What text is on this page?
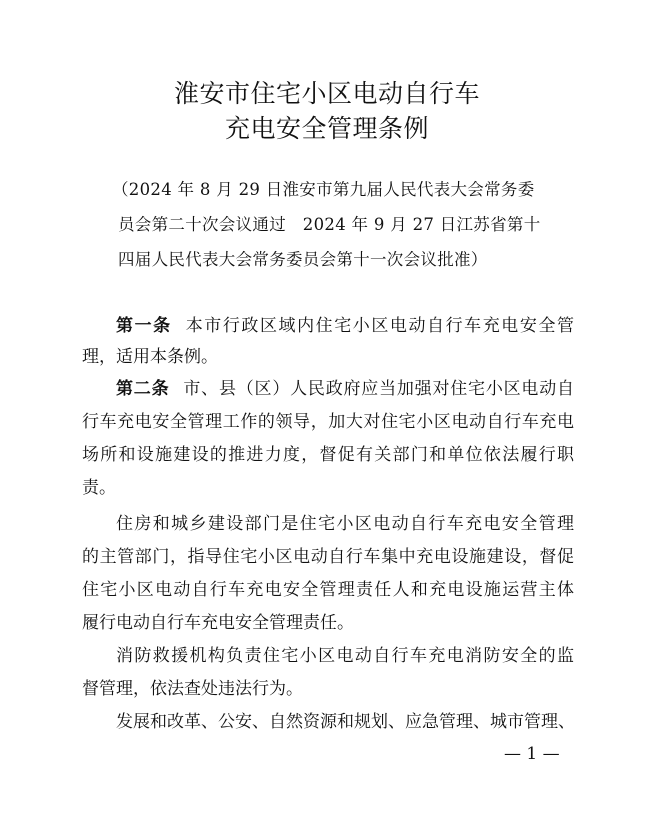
淮安市住宅小区电动自行车
充电安全管理条例
（2024 年 8 月 29 日淮安市第九届人民代表大会常务委
员会第二十次会议通过　2024 年 9 月 27 日江苏省第十
四届人民代表大会常务委员会第十一次会议批准）
第一条 本市行政区域内住宅小区电动自行车充电安全管
理，适用本条例。
第二条 市、县（区）人民政府应当加强对住宅小区电动自
行车充电安全管理工作的领导，加大对住宅小区电动自行车充电
场所和设施建设的推进力度，督促有关部门和单位依法履行职
责。
住房和城乡建设部门是住宅小区电动自行车充电安全管理
的主管部门，指导住宅小区电动自行车集中充电设施建设，督促
住宅小区电动自行车充电安全管理责任人和充电设施运营主体
履行电动自行车充电安全管理责任。
消防救援机构负责住宅小区电动自行车充电消防安全的监
督管理，依法查处违法行为。
发展和改革、公安、自然资源和规划、应急管理、城市管理、
— 1 —
